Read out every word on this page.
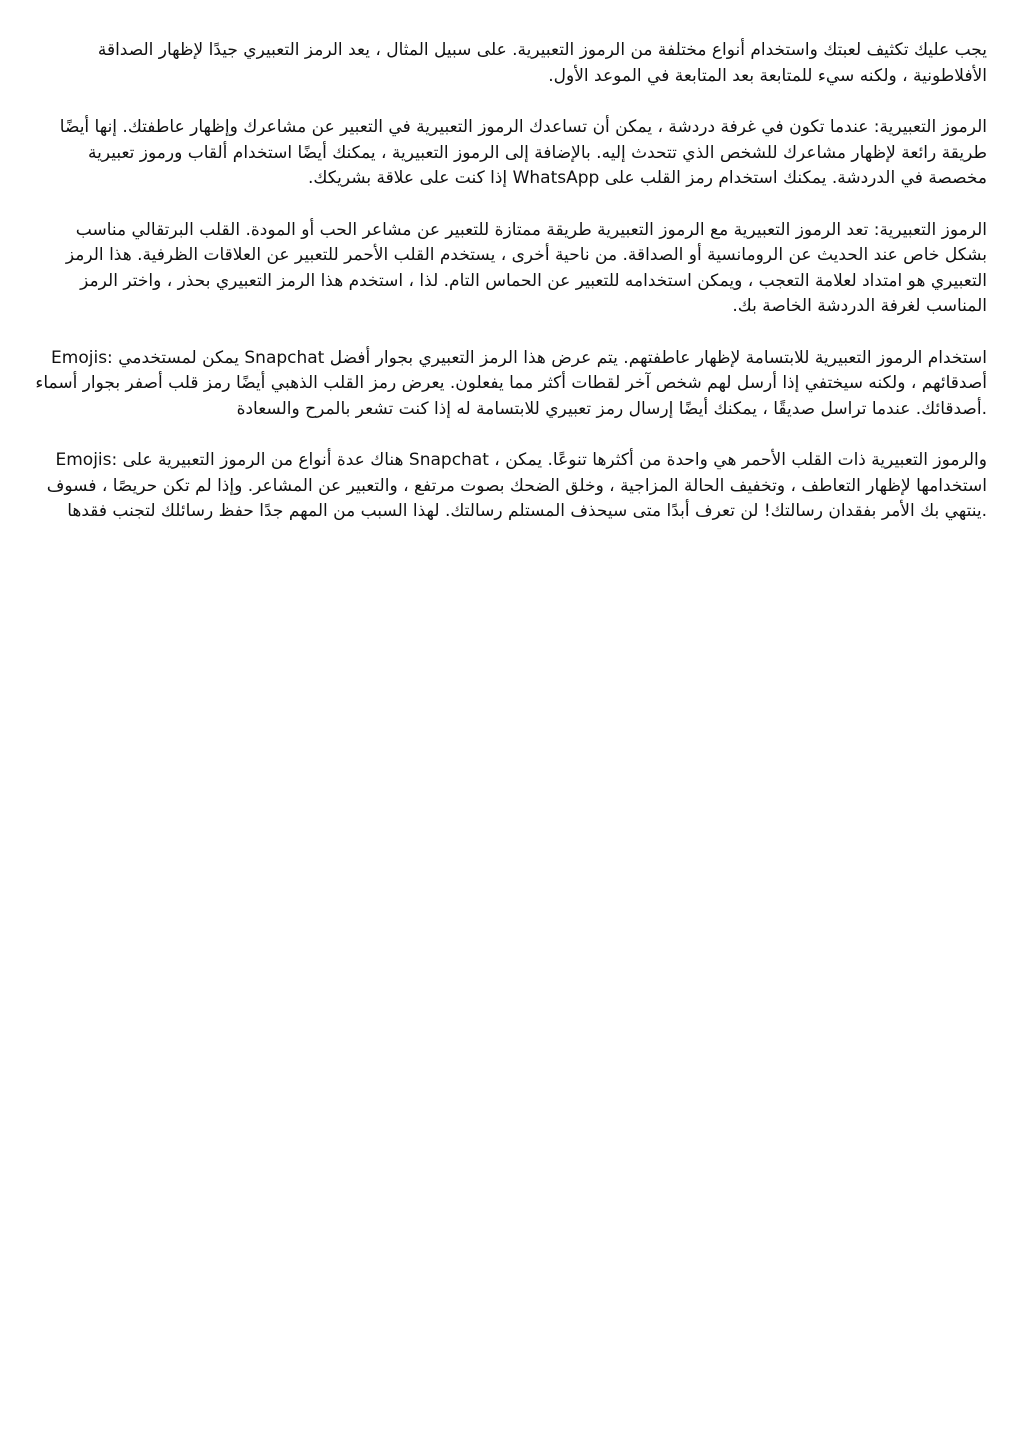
يجب عليك تكثيف لعبتك واستخدام أنواع مختلفة من الرموز التعبيرية. على سبيل المثال ، يعد الرمز التعبيري جيدًا لإظهار الصداقة الأفلاطونية ، ولكنه سيء للمتابعة بعد المتابعة في الموعد الأول.

الرموز التعبيرية: عندما تكون في غرفة دردشة ، يمكن أن تساعدك الرموز التعبيرية في التعبير عن مشاعرك وإظهار عاطفتك. إنها أيضًا طريقة رائعة لإظهار مشاعرك للشخص الذي تتحدث إليه. بالإضافة إلى الرموز التعبيرية ، يمكنك أيضًا استخدام ألقاب ورموز تعبيرية مخصصة في الدردشة. يمكنك استخدام رمز القلب على WhatsApp إذا كنت على علاقة بشريكك.

الرموز التعبيرية: تعد الرموز التعبيرية مع الرموز التعبيرية طريقة ممتازة للتعبير عن مشاعر الحب أو المودة. القلب البرتقالي مناسب بشكل خاص عند الحديث عن الرومانسية أو الصداقة. من ناحية أخرى ، يستخدم القلب الأحمر للتعبير عن العلاقات الظرفية. هذا الرمز التعبيري هو امتداد لعلامة التعجب ، ويمكن استخدامه للتعبير عن الحماس التام. لذا ، استخدم هذا الرمز التعبيري بحذر ، واختر الرمز المناسب لغرفة الدردشة الخاصة بك.

Emojis: يمكن لمستخدمي Snapchat استخدام الرموز التعبيرية للابتسامة لإظهار عاطفتهم. يتم عرض هذا الرمز التعبيري بجوار أفضل أصدقائهم ، ولكنه سيختفي إذا أرسل لهم شخص آخر لقطات أكثر مما يفعلون. يعرض رمز القلب الذهبي أيضًا رمز قلب أصفر بجوار أسماء أصدقائك. عندما تراسل صديقًا ، يمكنك أيضًا إرسال رمز تعبيري للابتسامة له إذا كنت تشعر بالمرح والسعادة.

Emojis: هناك عدة أنواع من الرموز التعبيرية على Snapchat ، والرموز التعبيرية ذات القلب الأحمر هي واحدة من أكثرها تنوعًا. يمكن استخدامها لإظهار التعاطف ، وتخفيف الحالة المزاجية ، وخلق الضحك بصوت مرتفع ، والتعبير عن المشاعر. وإذا لم تكن حريصًا ، فسوف ينتهي بك الأمر بفقدان رسالتك! لن تعرف أبدًا متى سيحذف المستلم رسالتك. لهذا السبب من المهم جدًا حفظ رسائلك لتجنب فقدها.
